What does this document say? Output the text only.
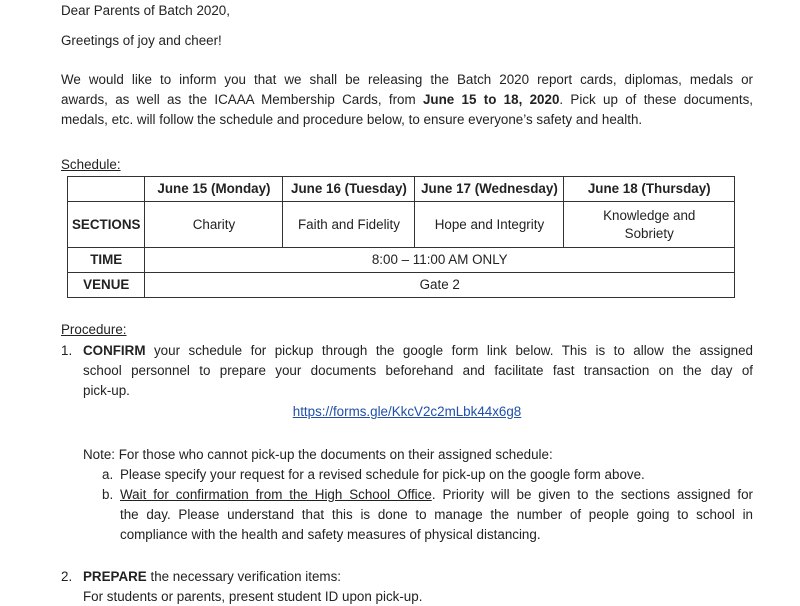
Dear Parents of Batch 2020,
Greetings of joy and cheer!
We would like to inform you that we shall be releasing the Batch 2020 report cards, diplomas, medals or
awards, as well as the ICAAA Membership Cards, from June 15 to 18, 2020. Pick up of these documents,
medals, etc. will follow the schedule and procedure below, to ensure everyone’s safety and health.
Schedule:
	June 15 (Monday)	June 16 (Tuesday)	June 17 (Wednesday)	June 18 (Thursday)
SECTIONS	Charity	Faith and Fidelity	Hope and Integrity	Knowledge and Sobriety
TIME	8:00 – 11:00 AM ONLY			
VENUE	Gate 2			
Procedure:
1. CONFIRM your schedule for pickup through the google form link below. This is to allow the assigned
school personnel to prepare your documents beforehand and facilitate fast transaction on the day of
pick-up.
https://forms.gle/KkcV2c2mLbk44x6g8
Note: For those who cannot pick-up the documents on their assigned schedule:
a. Please specify your request for a revised schedule for pick-up on the google form above.
b. Wait for confirmation from the High School Office. Priority will be given to the sections assigned for
the day. Please understand that this is done to manage the number of people going to school in
compliance with the health and safety measures of physical distancing.
2. PREPARE the necessary verification items:
For students or parents, present student ID upon pick-up.
